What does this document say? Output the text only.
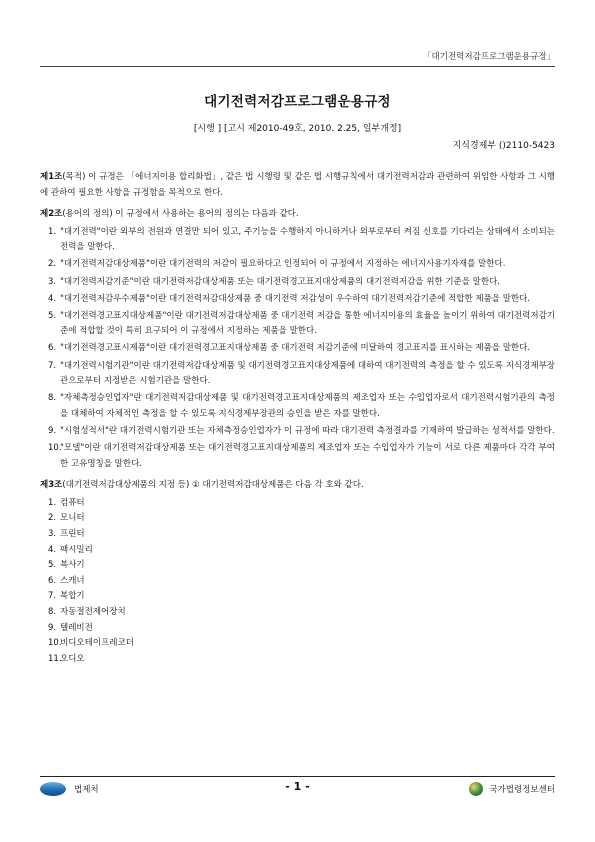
「대기전력저감프로그램운용규정」
대기전력저감프로그램운용규정
[시행 ] [고시 제2010-49호, 2010. 2.25, 일부개정]
지식경제부 ()2110-5423

제1조(목적) 이 규정은 「에너지이용 합리화법」, 같은 법 시행령 및 같은 법 시행규칙에서 대기전력저감과 관련하여 위임한 사항과 그 시행에 관하여 필요한 사항을 규정함을 목적으로 한다.

제2조(용어의 정의) 이 규정에서 사용하는 용어의 정의는 다음과 같다.

1. "대기전력"이란 외부의 전원과 연결만 되어 있고, 주기능을 수행하지 아니하거나 외부로부터 켜짐 신호를 기다리는 상태에서 소비되는 전력을 말한다.
2. "대기전력저감대상제품"이란 대기전력의 저감이 필요하다고 인정되어 이 규정에서 지정하는 에너지사용기자재를 말한다.
3. "대기전력저감기준"이란 대기전력저감대상제품 또는 대기전력경고표지대상제품의 대기전력저감을 위한 기준을 말한다.
4. "대기전력저감우수제품"이란 대기전력저감대상제품 중 대기전력 저감성이 우수하여 대기전력저감기준에 적합한 제품을 말한다.
5. "대기전력경고표지대상제품"이란 대기전력저감대상제품 중 대기전력 저감을 통한 에너지이용의 효율을 높이기 위하여 대기전력저감기준에 적합할 것이 특히 요구되어 이 규정에서 지정하는 제품을 말한다.
6. "대기전력경고표시제품"이란 대기전력경고표지대상제품 중 대기전력 저감기준에 미달하여 경고표지를 표시하는 제품을 말한다.
7. "대기전력시험기관"이란 대기전력저감대상제품 및 대기전력경고표지대상제품에 대하여 대기전력의 측정을 할 수 있도록 지식경제부장관으로부터 지정받은 시험기관을 말한다.
8. "자체측정승인업자"란 대기전력저감대상제품 및 대기전력경고표지대상제품의 제조업자 또는 수입업자로서 대기전력시험기관의 측정을 대체하여 자체적인 측정을 할 수 있도록 지식경제부장관의 승인을 받은 자를 말한다.
9. "시험성적서"란 대기전력시험기관 또는 자체측정승인업자가 이 규정에 따라 대기전력 측정결과를 기재하여 발급하는 성적서를 말한다.
10.
"모델"이란 대기전력저감대상제품 또는 대기전력경고표지대상제품의 제조업자 또는 수입업자가 기능이 서로 다른 제품마다 각각 부여한 고유명칭을 말한다.

제3조(대기전력저감대상제품의 지정 등) ① 대기전력저감대상제품은 다음 각 호와 같다.

1. 컴퓨터
2. 모니터
3. 프린터
4. 팩시밀리
5. 복사기
6. 스캐너
7. 복합기
8. 자동절전제어장치
9. 텔레비전
10.
비디오테이프레코더
11.
오디오
법제처	- 1 -	국가법령정보센터
